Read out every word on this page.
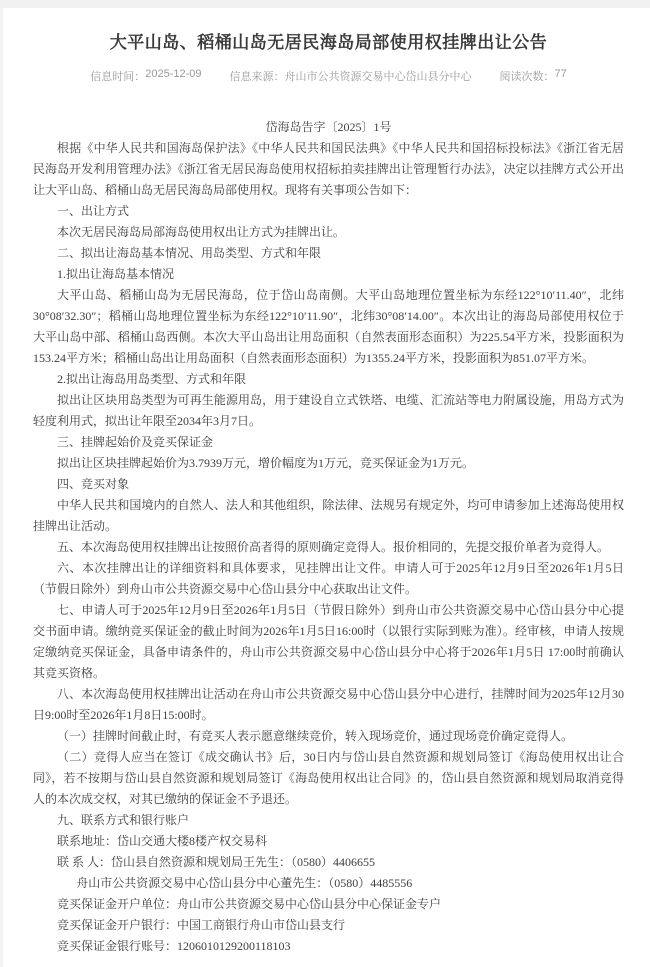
大平山岛、稻桶山岛无居民海岛局部使用权挂牌出让公告
信息时间： 2025-12-09	信息来源： 舟山市公共资源交易中心岱山县分中心	阅读次数： 77
岱海岛告字〔2025〕1号

根据《中华人民共和国海岛保护法》《中华人民共和国民法典》《中华人民共和国招标投标法》《浙江省无居民海岛开发利用管理办法》《浙江省无居民海岛使用权招标拍卖挂牌出让管理暂行办法》，决定以挂牌方式公开出让大平山岛、稻桶山岛无居民海岛局部使用权。现将有关事项公告如下：

一、出让方式

本次无居民海岛局部海岛使用权出让方式为挂牌出让。

二、拟出让海岛基本情况、用岛类型、方式和年限

1.拟出让海岛基本情况

大平山岛、稻桶山岛为无居民海岛，位于岱山岛南侧。大平山岛地理位置坐标为东经122°10′11.40″，北纬30°08′32.30″；稻桶山岛地理位置坐标为东经122°10′11.90″，北纬30°08′14.00″。本次出让的海岛局部使用权位于大平山岛中部、稻桶山岛西侧。本次大平山岛出让用岛面积（自然表面形态面积）为225.54平方米，投影面积为153.24平方米；稻桶山岛出让用岛面积（自然表面形态面积）为1355.24平方米，投影面积为851.07平方米。

2.拟出让海岛用岛类型、方式和年限

拟出让区块用岛类型为可再生能源用岛，用于建设自立式铁塔、电缆、汇流站等电力附属设施，用岛方式为轻度利用式，拟出让年限至2034年3月7日。

三、挂牌起始价及竞买保证金

拟出让区块挂牌起始价为3.7939万元，增价幅度为1万元，竞买保证金为1万元。

四、竞买对象

中华人民共和国境内的自然人、法人和其他组织，除法律、法规另有规定外，均可申请参加上述海岛使用权挂牌出让活动。

五、本次海岛使用权挂牌出让按照价高者得的原则确定竞得人。报价相同的，先提交报价单者为竞得人。

六、本次挂牌出让的详细资料和具体要求，见挂牌出让文件。申请人可于2025年12月9日至2026年1月5日（节假日除外）到舟山市公共资源交易中心岱山县分中心获取出让文件。

七、申请人可于2025年12月9日至2026年1月5日（节假日除外）到舟山市公共资源交易中心岱山县分中心提交书面申请。缴纳竞买保证金的截止时间为2026年1月5日16:00时（以银行实际到账为准）。经审核，申请人按规定缴纳竞买保证金，具备申请条件的，舟山市公共资源交易中心岱山县分中心将于2026年1月5日 17:00时前确认其竞买资格。

八、本次海岛使用权挂牌出让活动在舟山市公共资源交易中心岱山县分中心进行，挂牌时间为2025年12月30日9:00时至2026年1月8日15:00时。

（一）挂牌时间截止时，有竞买人表示愿意继续竞价，转入现场竞价，通过现场竞价确定竞得人。

（二）竞得人应当在签订《成交确认书》后，30日内与岱山县自然资源和规划局签订《海岛使用权出让合同》，若不按期与岱山县自然资源和规划局签订《海岛使用权出让合同》的，岱山县自然资源和规划局取消竞得人的本次成交权，对其已缴纳的保证金不予退还。

九、联系方式和银行账户

联系地址：岱山交通大楼8楼产权交易科

联 系 人：岱山县自然资源和规划局王先生：（0580）4406655

舟山市公共资源交易中心岱山县分中心董先生：（0580）4485556

竞买保证金开户单位：舟山市公共资源交易中心岱山县分中心保证金专户

竞买保证金开户银行：中国工商银行舟山市岱山县支行

竞买保证金银行账号：1206010129200118103
